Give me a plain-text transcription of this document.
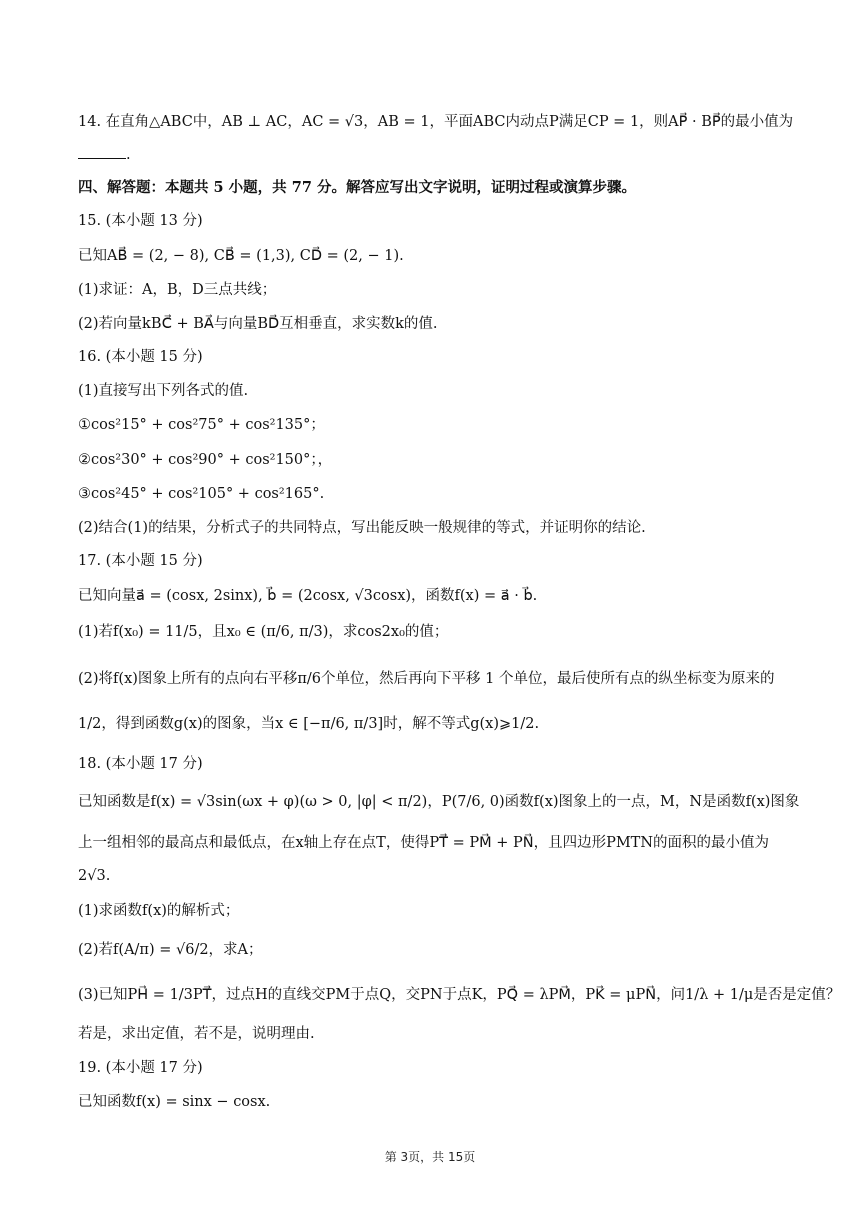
14. 在直角△ABC中，AB ⊥ AC，AC = √3，AB = 1，平面ABC内动点P满足CP = 1，则AP⃗ · BP⃗的最小值为
.
四、解答题：本题共 5 小题，共 77 分。解答应写出文字说明，证明过程或演算步骤。
15. (本小题 13 分)
已知AB⃗ = (2, − 8), CB⃗ = (1,3), CD⃗ = (2, − 1).
(1)求证：A，B，D三点共线；
(2)若向量kBC⃗ + BA⃗与向量BD⃗互相垂直，求实数k的值.
16. (本小题 15 分)
(1)直接写出下列各式的值.
①cos²15° + cos²75° + cos²135°；
②cos²30° + cos²90° + cos²150°；，
③cos²45° + cos²105° + cos²165°.
(2)结合(1)的结果，分析式子的共同特点，写出能反映一般规律的等式，并证明你的结论.
17. (本小题 15 分)
已知向量a⃗ = (cosx, 2sinx), b⃗ = (2cosx, √3cosx)，函数f(x) = a⃗ · b⃗.
(1)若f(x₀) = 11/5，且x₀ ∈ (π/6, π/3)，求cos2x₀的值；
(2)将f(x)图象上所有的点向右平移π/6个单位，然后再向下平移 1 个单位，最后使所有点的纵坐标变为原来的
1/2，得到函数g(x)的图象，当x ∈ [−π/6, π/3]时，解不等式g(x)⩾1/2.
18. (本小题 17 分)
已知函数是f(x) = √3sin(ωx + φ)(ω > 0, |φ| < π/2)，P(7/6, 0)函数f(x)图象上的一点，M，N是函数f(x)图象
上一组相邻的最高点和最低点，在x轴上存在点T，使得PT⃗ = PM⃗ + PN⃗，且四边形PMTN的面积的最小值为
2√3.
(1)求函数f(x)的解析式；
(2)若f(A/π) = √6/2，求A；
(3)已知PH⃗ = 1/3PT⃗，过点H的直线交PM于点Q，交PN于点K，PQ⃗ = λPM⃗，PK⃗ = μPN⃗，问1/λ + 1/μ是否是定值？
若是，求出定值，若不是，说明理由.
19. (本小题 17 分)
已知函数f(x) = sinx − cosx.
第 3页，共 15页
